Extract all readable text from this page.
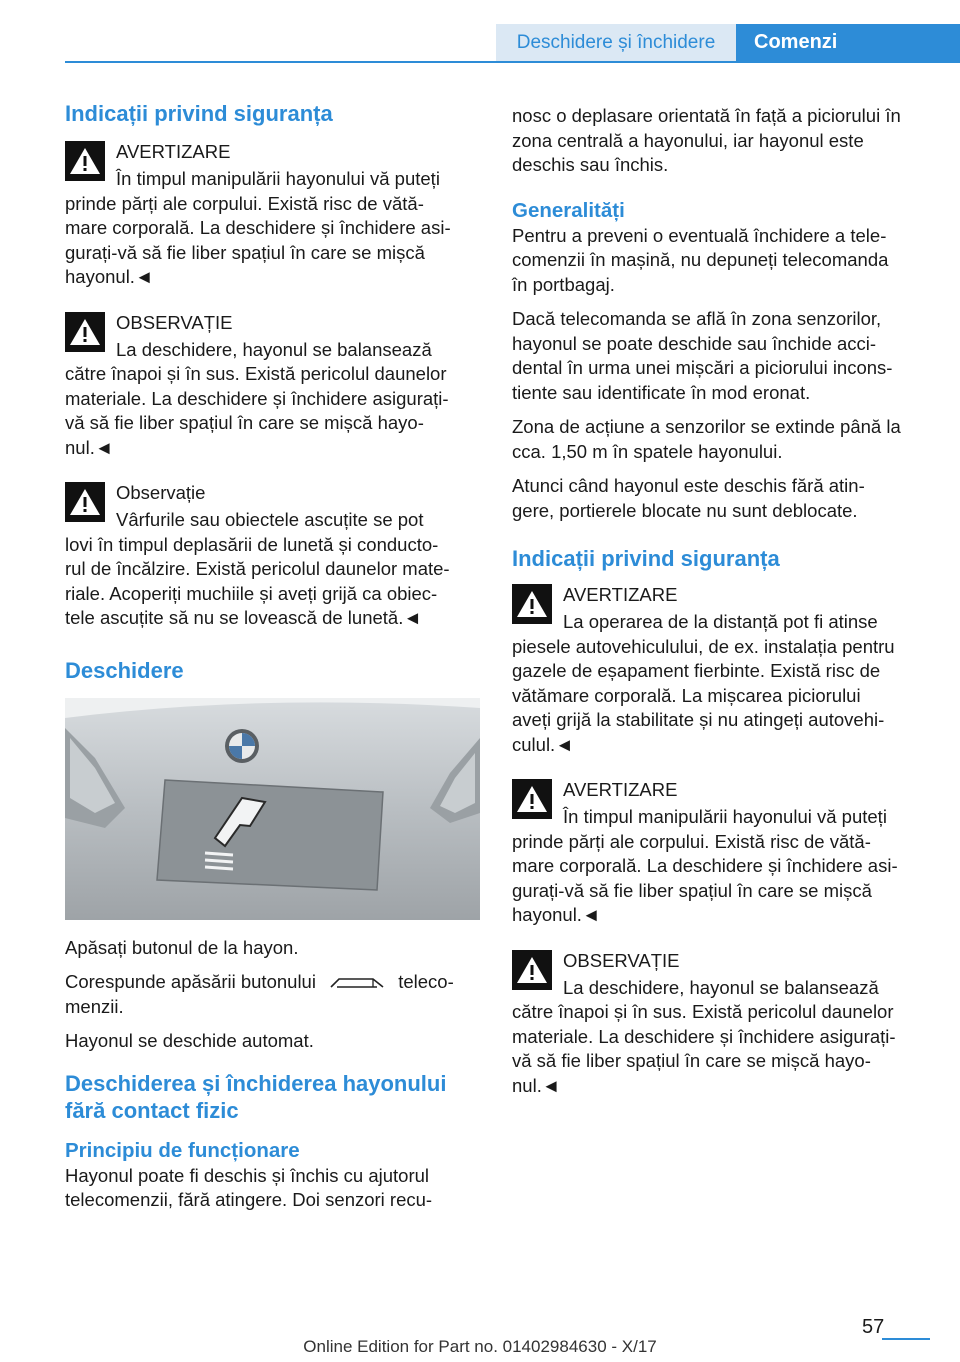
Deschidere și închidere	Comenzi
Indicații privind siguranța
AVERTIZARE
În timpul manipulării hayonului vă puteți
prinde părți ale corpului. Există risc de vătă-
mare corporală. La deschidere și închidere asi-
gurați-vă să fie liber spațiul în care se mișcă
hayonul.◄
OBSERVAȚIE
La deschidere, hayonul se balansează
către înapoi și în sus. Există pericolul daunelor
materiale. La deschidere și închidere asigurați-
vă să fie liber spațiul în care se mișcă hayo-
nul.◄
Observație
Vârfurile sau obiectele ascuțite se pot
lovi în timpul deplasării de lunetă și conducto-
rul de încălzire. Există pericolul daunelor mate-
riale. Acoperiți muchiile și aveți grijă ca obiec-
tele ascuțite să nu se lovească de lunetă.◄
Deschidere

Apăsați butonul de la hayon.

Corespunde apăsării butonului	teleco-

menzii.

Hayonul se deschide automat.

Deschiderea și închiderea hayonului
fără contact fizic
Principiu de funcționare

Hayonul poate fi deschis și închis cu ajutorul
telecomenzii, fără atingere. Doi senzori recu-

nosc o deplasare orientată în față a piciorului în
zona centrală a hayonului, iar hayonul este
deschis sau închis.

Generalități

Pentru a preveni o eventuală închidere a tele-
comenzii în mașină, nu depuneți telecomanda
în portbagaj.

Dacă telecomanda se află în zona senzorilor,
hayonul se poate deschide sau închide acci-
dental în urma unei mișcări a piciorului incons-
tiente sau identificate în mod eronat.

Zona de acțiune a senzorilor se extinde până la
cca. 1,50 m în spatele hayonului.

Atunci când hayonul este deschis fără atin-
gere, portierele blocate nu sunt deblocate.

Indicații privind siguranța
AVERTIZARE
La operarea de la distanță pot fi atinse
piesele autovehiculului, de ex. instalația pentru
gazele de eșapament fierbinte. Există risc de
vătămare corporală. La mișcarea piciorului
aveți grijă la stabilitate și nu atingeți autovehi-
culul.◄
AVERTIZARE
În timpul manipulării hayonului vă puteți
prinde părți ale corpului. Există risc de vătă-
mare corporală. La deschidere și închidere asi-
gurați-vă să fie liber spațiul în care se mișcă
hayonul.◄
OBSERVAȚIE
La deschidere, hayonul se balansează
către înapoi și în sus. Există pericolul daunelor
materiale. La deschidere și închidere asigurați-
vă să fie liber spațiul în care se mișcă hayo-
nul.◄
57
Online Edition for Part no. 01402984630 - X/17
